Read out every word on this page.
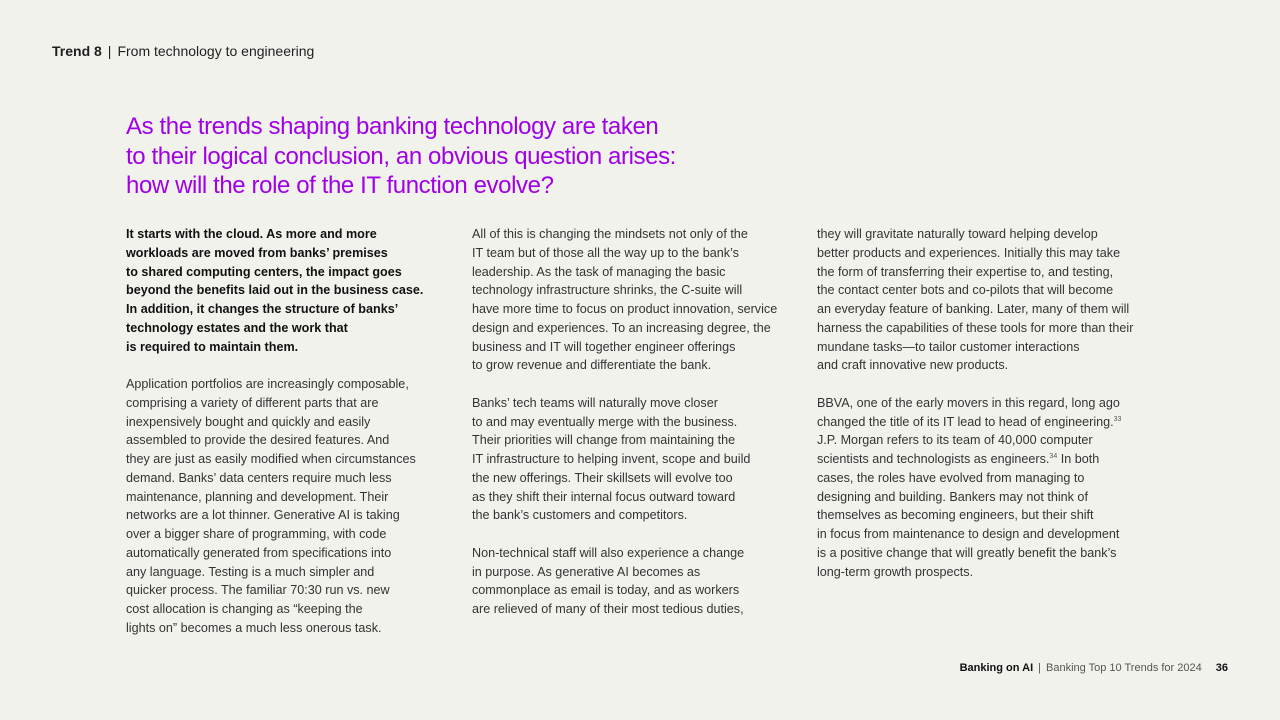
Trend 8 | From technology to engineering
As the trends shaping banking technology are taken
to their logical conclusion, an obvious question arises:
how will the role of the IT function evolve?
It starts with the cloud. As more and more
workloads are moved from banks’ premises
to shared computing centers, the impact goes
beyond the benefits laid out in the business case.
In addition, it changes the structure of banks’
technology estates and the work that
is required to maintain them.
Application portfolios are increasingly composable,
comprising a variety of different parts that are
inexpensively bought and quickly and easily
assembled to provide the desired features. And
they are just as easily modified when circumstances
demand. Banks’ data centers require much less
maintenance, planning and development. Their
networks are a lot thinner. Generative AI is taking
over a bigger share of programming, with code
automatically generated from specifications into
any language. Testing is a much simpler and
quicker process. The familiar 70:30 run vs. new
cost allocation is changing as “keeping the
lights on” becomes a much less onerous task.
All of this is changing the mindsets not only of the
IT team but of those all the way up to the bank’s
leadership. As the task of managing the basic
technology infrastructure shrinks, the C-suite will
have more time to focus on product innovation, service
design and experiences. To an increasing degree, the
business and IT will together engineer offerings
to grow revenue and differentiate the bank.
Banks’ tech teams will naturally move closer
to and may eventually merge with the business.
Their priorities will change from maintaining the
IT infrastructure to helping invent, scope and build
the new offerings. Their skillsets will evolve too
as they shift their internal focus outward toward
the bank’s customers and competitors.
Non-technical staff will also experience a change
in purpose. As generative AI becomes as
commonplace as email is today, and as workers
are relieved of many of their most tedious duties,
they will gravitate naturally toward helping develop
better products and experiences. Initially this may take
the form of transferring their expertise to, and testing,
the contact center bots and co-pilots that will become
an everyday feature of banking. Later, many of them will
harness the capabilities of these tools for more than their
mundane tasks—to tailor customer interactions
and craft innovative new products.
BBVA, one of the early movers in this regard, long ago
changed the title of its IT lead to head of engineering.$^{33}$
J.P. Morgan refers to its team of 40,000 computer
scientists and technologists as engineers.$^{34}$ In both
cases, the roles have evolved from managing to
designing and building. Bankers may not think of
themselves as becoming engineers, but their shift
in focus from maintenance to design and development
is a positive change that will greatly benefit the bank’s
long-term growth prospects.
Banking on AI | Banking Top 10 Trends for 2024 36
